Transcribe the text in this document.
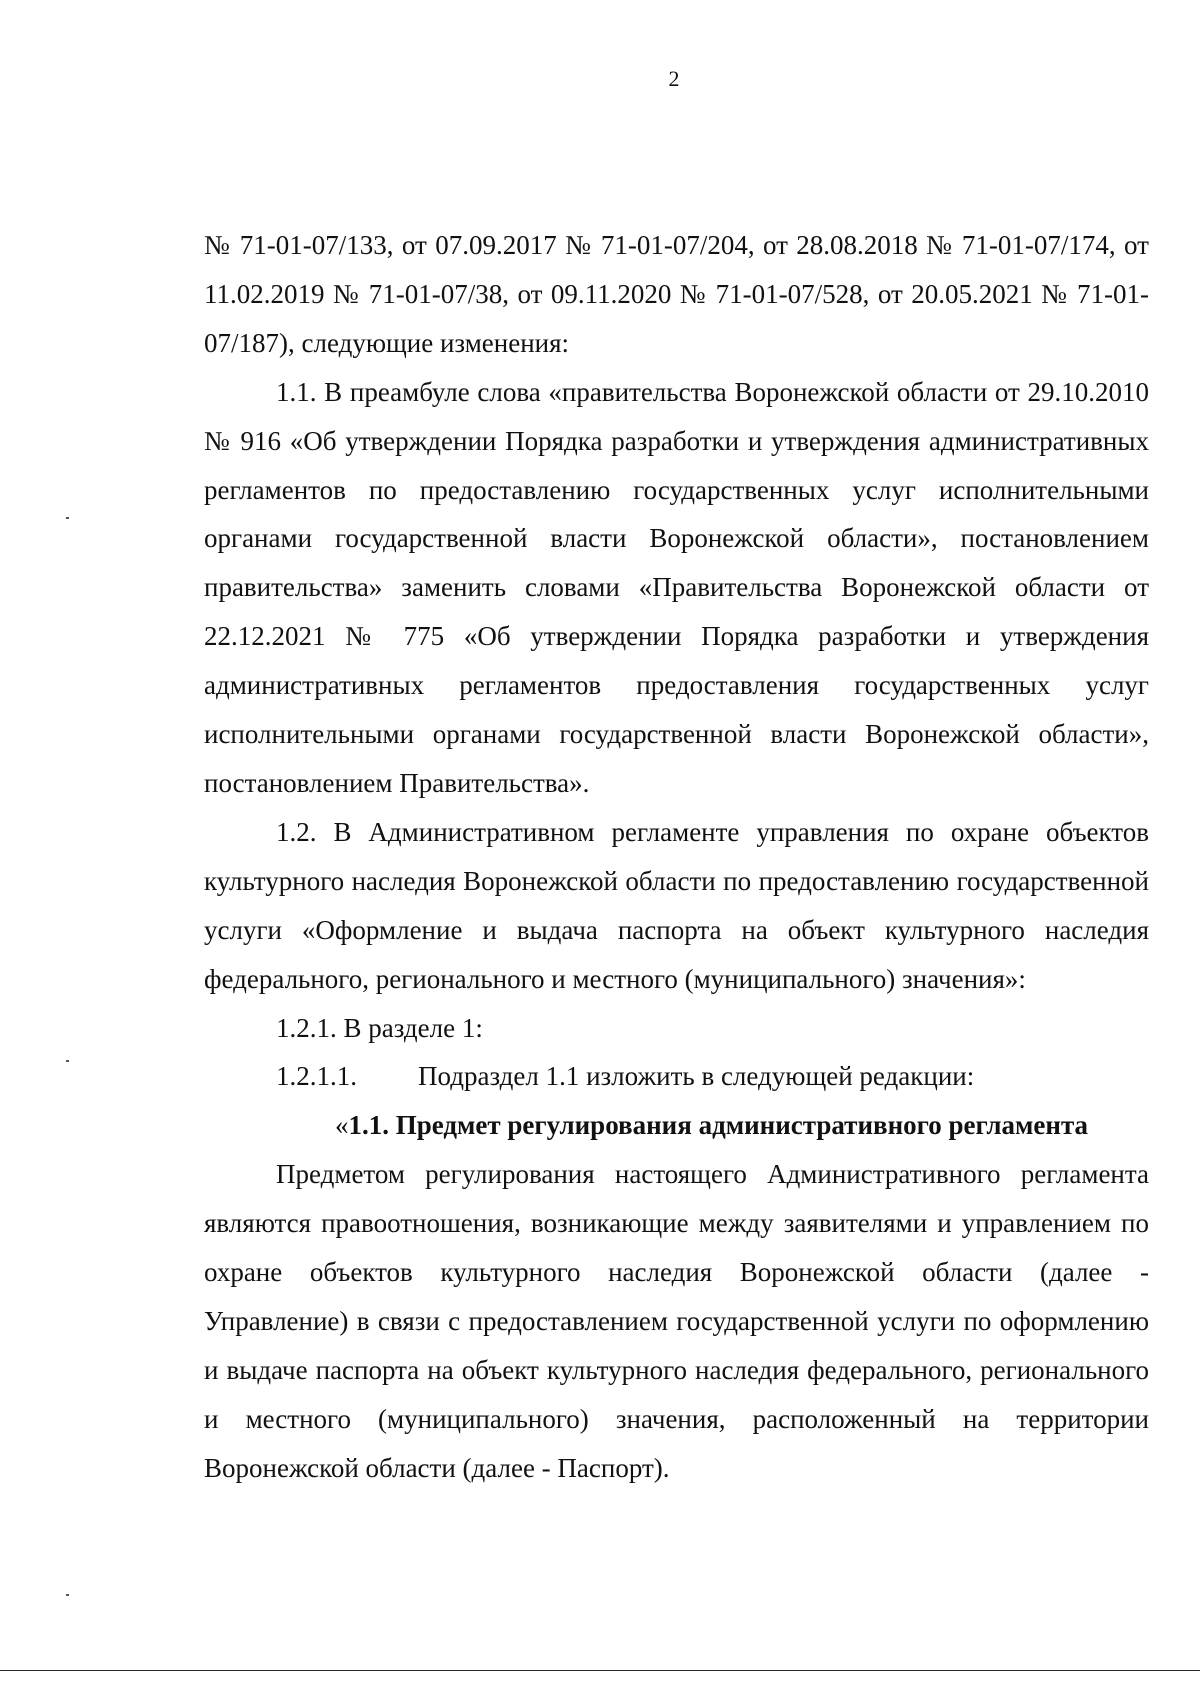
2

№ 71-01-07/133, от 07.09.2017 № 71-01-07/204, от 28.08.2018 № 71-01-07/174, от 11.02.2019 № 71-01-07/38, от 09.11.2020 № 71-01-07/528, от 20.05.2021 № 71-01-07/187), следующие изменения:

1.1. В преамбуле слова «правительства Воронежской области от 29.10.2010 № 916 «Об утверждении Порядка разработки и утверждения административных регламентов по предоставлению государственных услуг исполнительными органами государственной власти Воронежской области», постановлением правительства» заменить словами «Правительства Воронежской области от 22.12.2021 № 775 «Об утверждении Порядка разработки и утверждения административных регламентов предоставления государственных услуг исполнительными органами государственной власти Воронежской области», постановлением Правительства».

1.2. В Административном регламенте управления по охране объектов культурного наследия Воронежской области по предоставлению государственной услуги «Оформление и выдача паспорта на объект культурного наследия федерального, регионального и местного (муниципального) значения»:

1.2.1. В разделе 1:

1.2.1.1. Подраздел 1.1 изложить в следующей редакции:

«1.1. Предмет регулирования административного регламента

Предметом регулирования настоящего Административного регламента являются правоотношения, возникающие между заявителями и управлением по охране объектов культурного наследия Воронежской области (далее - Управление) в связи с предоставлением государственной услуги по оформлению и выдаче паспорта на объект культурного наследия федерального, регионального и местного (муниципального) значения, расположенный на территории Воронежской области (далее - Паспорт).
